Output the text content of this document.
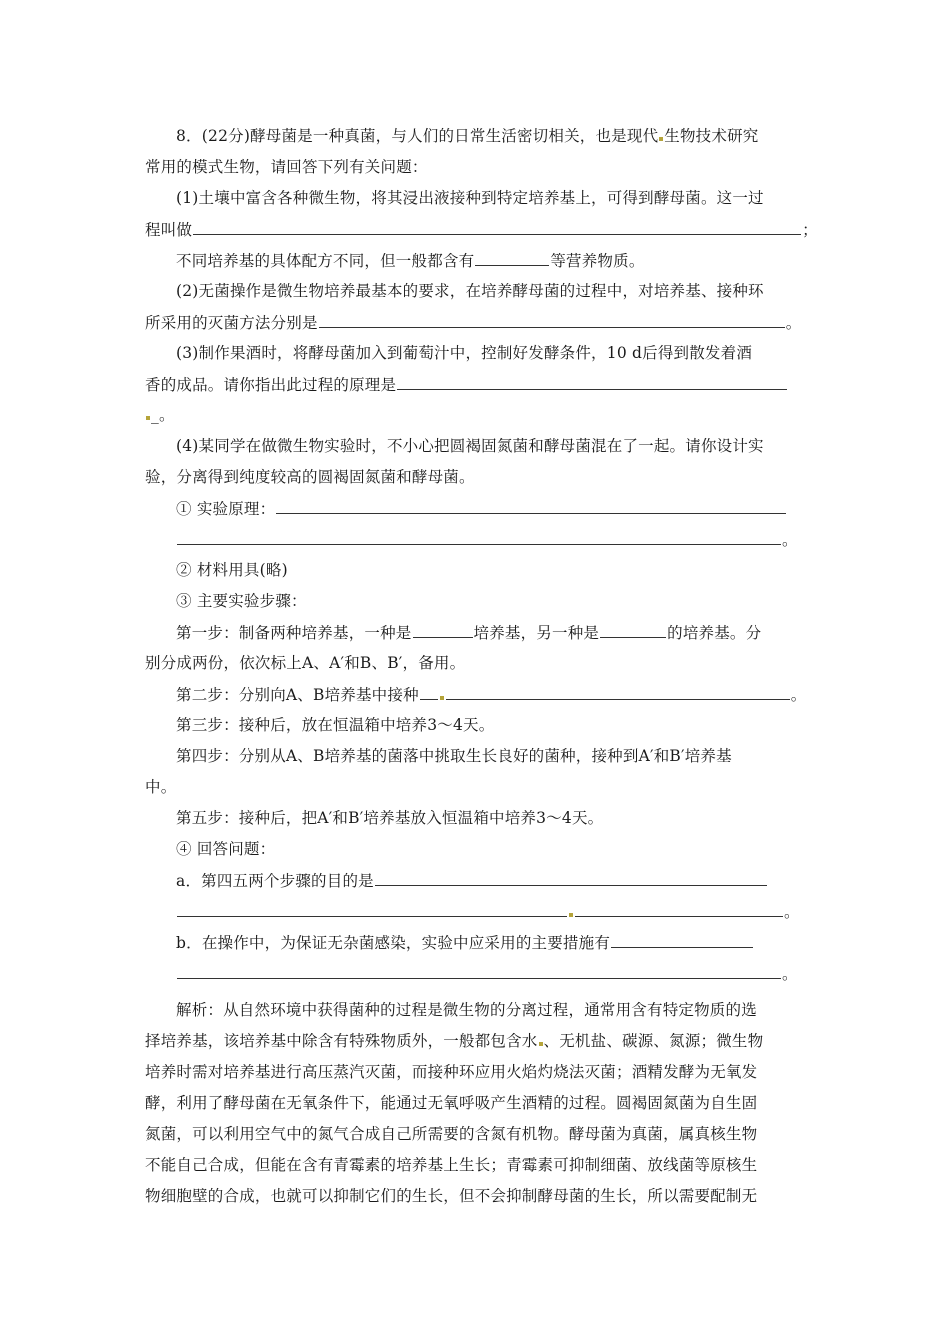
8．(22分)酵母菌是一种真菌，与人们的日常生活密切相关，也是现代 生物技术研究
常用的模式生物，请回答下列有关问题：
(1)土壤中富含各种微生物，将其浸出液接种到特定培养基上，可得到酵母菌。这一过
程叫做	；
不同培养基的具体配方不同，但一般都含有	等营养物质。
(2)无菌操作是微生物培养最基本的要求，在培养酵母菌的过程中，对培养基、接种环
所采用的灭菌方法分别是	。
(3)制作果酒时，将酵母菌加入到葡萄汁中，控制好发酵条件，10 d后得到散发着酒
香的成品。请你指出此过程的原理是
_。
(4)某同学在做微生物实验时，不小心把圆褐固氮菌和酵母菌混在了一起。请你设计实
验，分离得到纯度较高的圆褐固氮菌和酵母菌。
① 实验原理：
。
② 材料用具(略)
③ 主要实验步骤：
第一步：制备两种培养基，一种是	培养基，另一种是	的培养基。分
别分成两份，依次标上A、A′和B、B′，备用。
第二步：分别向A、B培养基中接种	。
第三步：接种后，放在恒温箱中培养3～4天。
第四步：分别从A、B培养基的菌落中挑取生长良好的菌种，接种到A′和B′培养基
中。
第五步：接种后，把A′和B′培养基放入恒温箱中培养3～4天。
④ 回答问题：
a．第四五两个步骤的目的是
。
b．在操作中，为保证无杂菌感染，实验中应采用的主要措施有
。
解析：从自然环境中获得菌种的过程是微生物的分离过程，通常用含有特定物质的选
择培养基，该培养基中除含有特殊物质外，一般都包含水 、无机盐、碳源、氮源；微生物
培养时需对培养基进行高压蒸汽灭菌，而接种环应用火焰灼烧法灭菌；酒精发酵为无氧发
酵，利用了酵母菌在无氧条件下，能通过无氧呼吸产生酒精的过程。圆褐固氮菌为自生固
氮菌，可以利用空气中的氮气合成自己所需要的含氮有机物。酵母菌为真菌，属真核生物
不能自己合成，但能在含有青霉素的培养基上生长；青霉素可抑制细菌、放线菌等原核生
物细胞壁的合成，也就可以抑制它们的生长，但不会抑制酵母菌的生长，所以需要配制无
